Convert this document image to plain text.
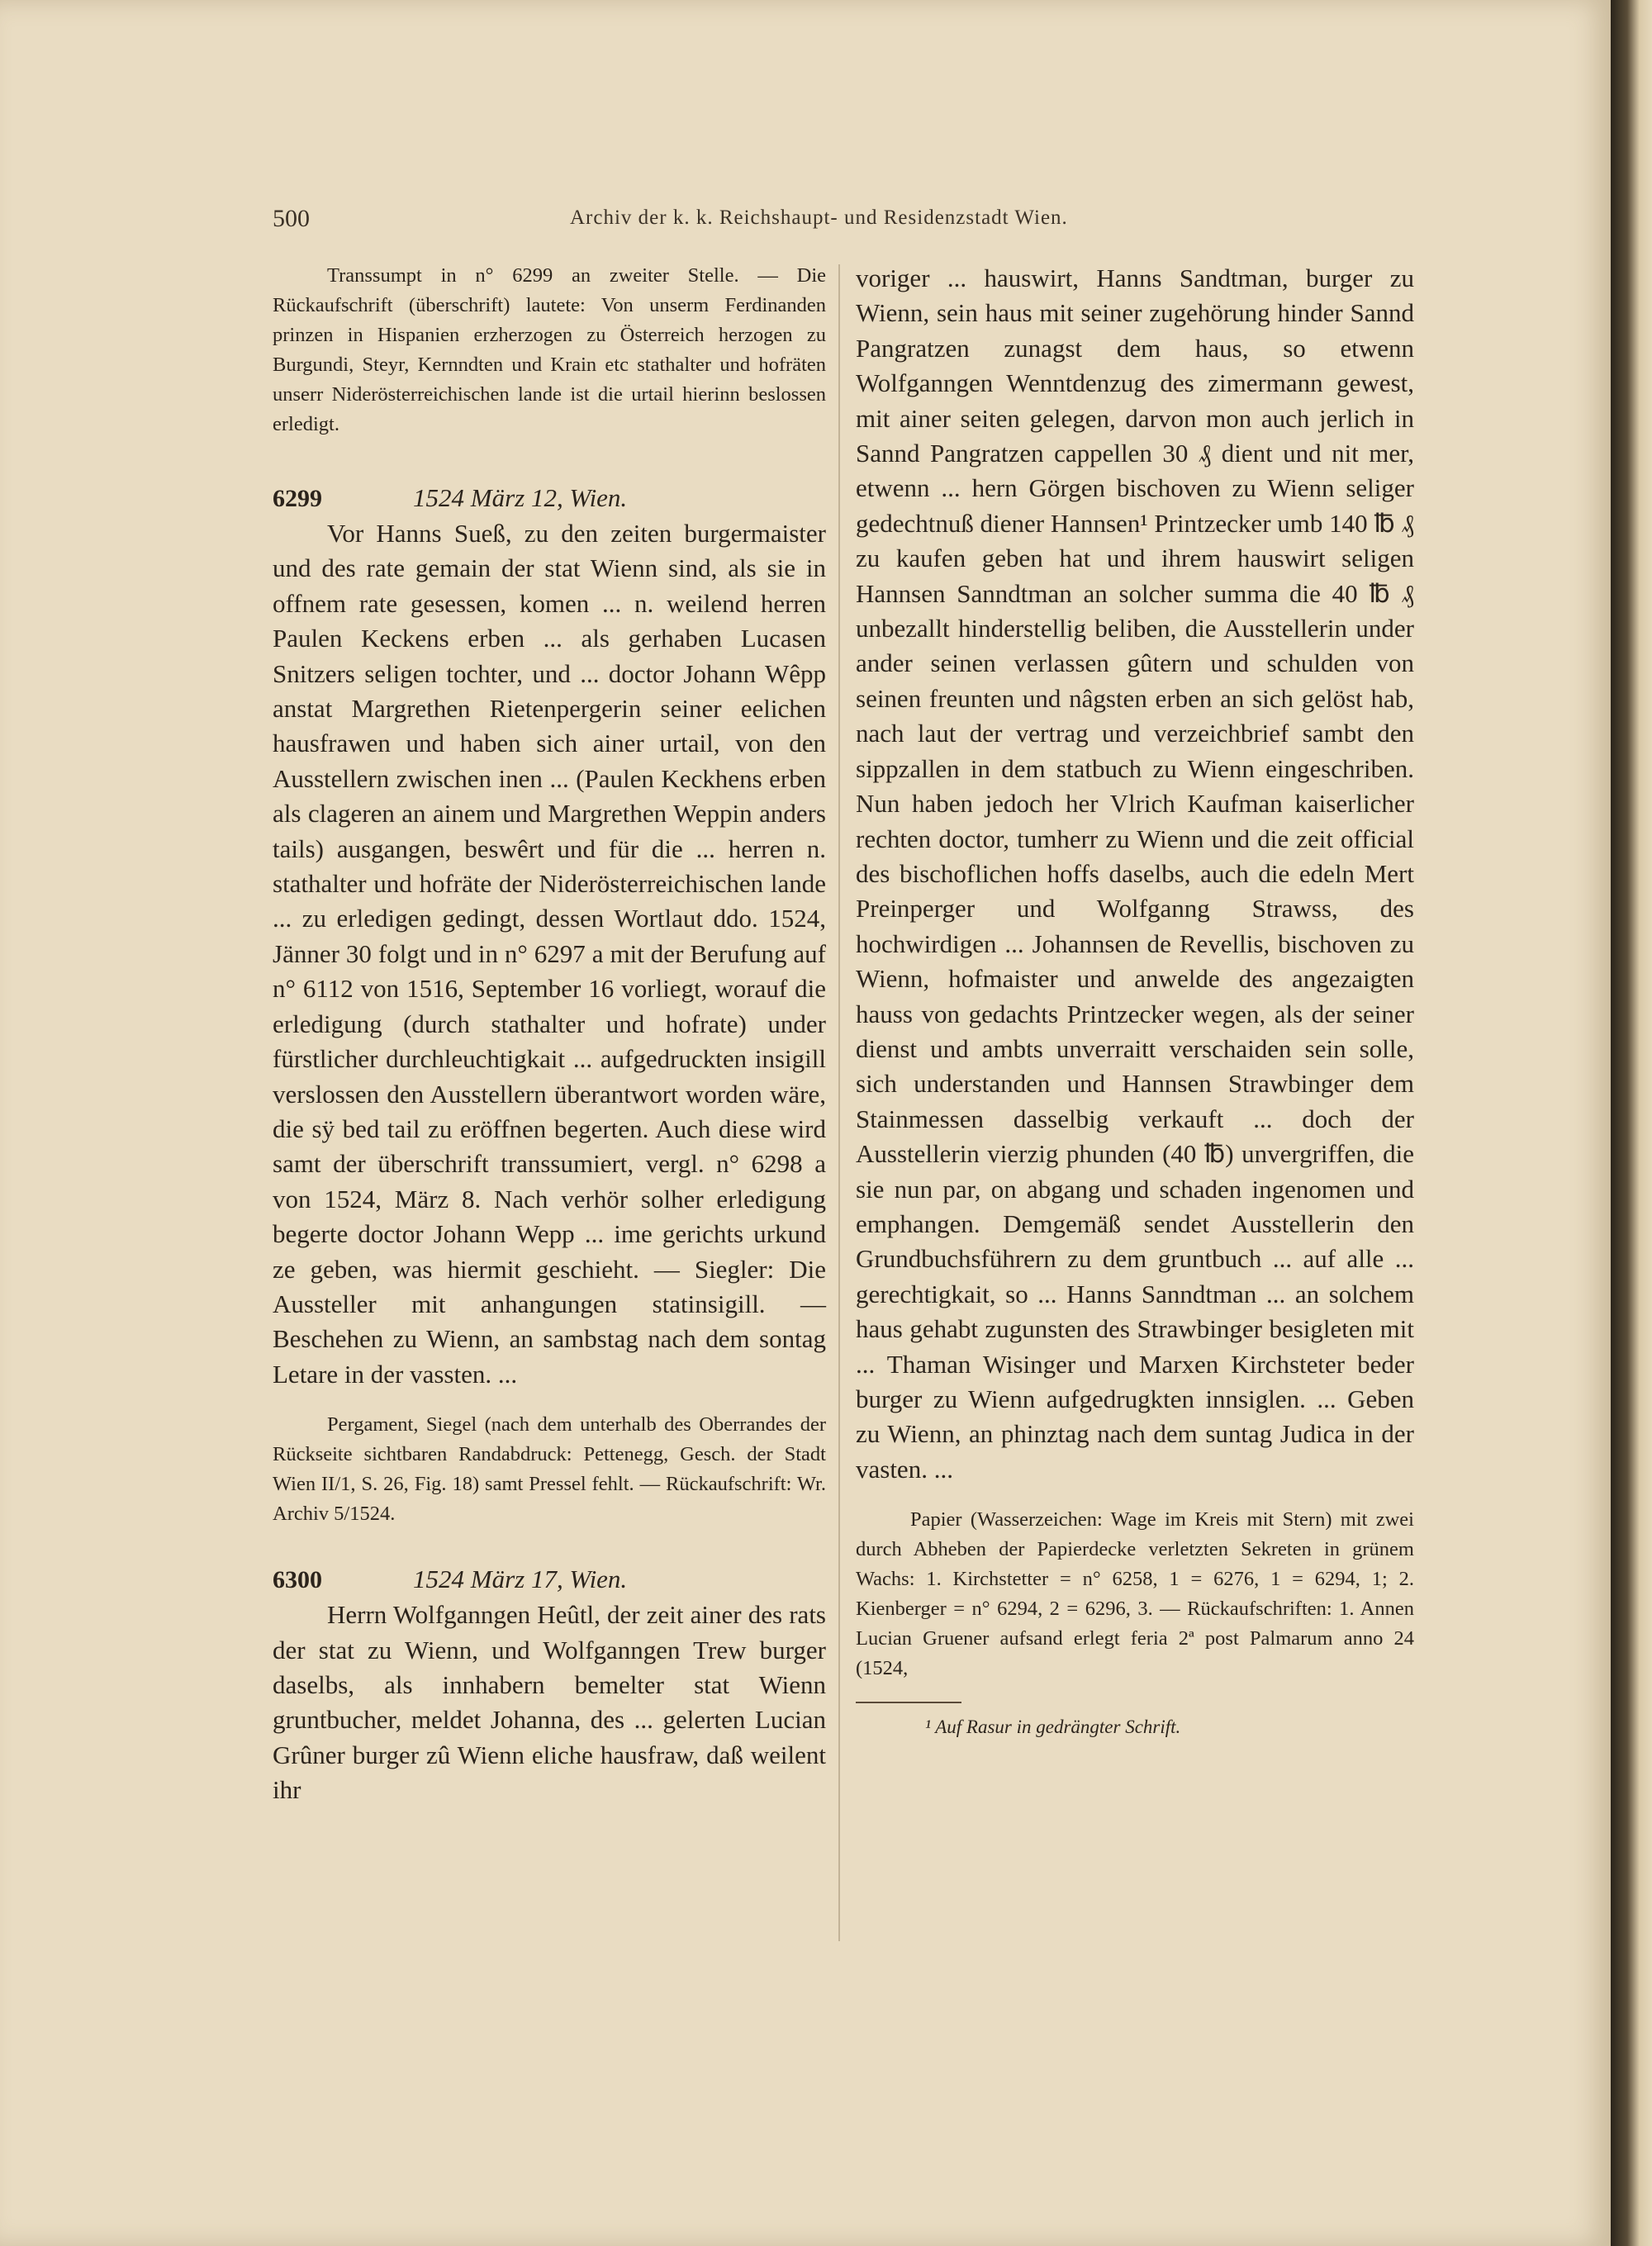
500	Archiv der k. k. Reichshaupt- und Residenzstadt Wien.

Transsumpt in n° 6299 an zweiter Stelle. — Die Rückaufschrift (überschrift) lautete: Von unserm Ferdinanden prinzen in Hispanien erzherzogen zu Österreich herzogen zu Burgundi, Steyr, Kernndten und Krain etc stathalter und hofräten unserr Niderösterreichischen lande ist die urtail hierinn beslossen erledigt.

6299	1524 März 12, Wien.

Vor Hanns Sueß, zu den zeiten burgermaister und des rate gemain der stat Wienn sind, als sie in offnem rate gesessen, komen ... n. weilend herren Paulen Keckens erben ... als gerhaben Lucasen Snitzers seligen tochter, und ... doctor Johann Wêpp anstat Margrethen Rietenpergerin seiner eelichen hausfrawen und haben sich ainer urtail, von den Ausstellern zwischen inen ... (Paulen Keckhens erben als clageren an ainem und Margrethen Weppin anders tails) ausgangen, beswêrt und für die ... herren n. stathalter und hofräte der Niderösterreichischen lande ... zu erledigen gedingt, dessen Wortlaut ddo. 1524, Jänner 30 folgt und in n° 6297 a mit der Berufung auf n° 6112 von 1516, September 16 vorliegt, worauf die erledigung (durch stathalter und hofrate) under fürstlicher durchleuchtigkait ... aufgedruckten insigill verslossen den Ausstellern überantwort worden wäre, die sÿ bed tail zu eröffnen begerten. Auch diese wird samt der überschrift transsumiert, vergl. n° 6298 a von 1524, März 8. Nach verhör solher erledigung begerte doctor Johann Wepp ... ime gerichts urkund ze geben, was hiermit geschieht. — Siegler: Die Aussteller mit anhangungen statinsigill. — Beschehen zu Wienn, an sambstag nach dem sontag Letare in der vassten. ...

Pergament, Siegel (nach dem unterhalb des Oberrandes der Rückseite sichtbaren Randabdruck: Pettenegg, Gesch. der Stadt Wien II/1, S. 26, Fig. 18) samt Pressel fehlt. — Rückaufschrift: Wr. Archiv 5/1524.

6300	1524 März 17, Wien.

Herrn Wolfganngen Heûtl, der zeit ainer des rats der stat zu Wienn, und Wolfganngen Trew burger daselbs, als innhabern bemelter stat Wienn gruntbucher, meldet Johanna, des ... gelerten Lucian Grûner burger zû Wienn eliche hausfraw, daß weilent ihr

voriger ... hauswirt, Hanns Sandtman, burger zu Wienn, sein haus mit seiner zugehörung hinder Sannd Pangratzen zunagst dem haus, so etwenn Wolfganngen Wenntdenzug des zimermann gewest, mit ainer seiten gelegen, darvon mon auch jerlich in Sannd Pangratzen cappellen 30 ₰ dient und nit mer, etwenn ... hern Görgen bischoven zu Wienn seliger gedechtnuß diener Hannsen¹ Printzecker umb 140 ℔ ₰ zu kaufen geben hat und ihrem hauswirt seligen Hannsen Sanndtman an solcher summa die 40 ℔ ₰ unbezallt hinderstellig beliben, die Ausstellerin under ander seinen verlassen gûtern und schulden von seinen freunten und nâgsten erben an sich gelöst hab, nach laut der vertrag und verzeichbrief sambt den sippzallen in dem statbuch zu Wienn eingeschriben. Nun haben jedoch her Vlrich Kaufman kaiserlicher rechten doctor, tumherr zu Wienn und die zeit official des bischoflichen hoffs daselbs, auch die edeln Mert Preinperger und Wolfganng Strawss, des hochwirdigen ... Johannsen de Revellis, bischoven zu Wienn, hofmaister und anwelde des angezaigten hauss von gedachts Printzecker wegen, als der seiner dienst und ambts unverraitt verschaiden sein solle, sich understanden und Hannsen Strawbinger dem Stainmessen dasselbig verkauft ... doch der Ausstellerin vierzig phunden (40 ℔) unvergriffen, die sie nun par, on abgang und schaden ingenomen und emphangen. Demgemäß sendet Ausstellerin den Grundbuchsführern zu dem gruntbuch ... auf alle ... gerechtigkait, so ... Hanns Sanndtman ... an solchem haus gehabt zugunsten des Strawbinger besigleten mit ... Thaman Wisinger und Marxen Kirchsteter beder burger zu Wienn aufgedrugkten innsiglen. ... Geben zu Wienn, an phinztag nach dem suntag Judica in der vasten. ...

Papier (Wasserzeichen: Wage im Kreis mit Stern) mit zwei durch Abheben der Papierdecke verletzten Sekreten in grünem Wachs: 1. Kirchstetter = n° 6258, 1 = 6276, 1 = 6294, 1; 2. Kienberger = n° 6294, 2 = 6296, 3. — Rückaufschriften: 1. Annen Lucian Gruener aufsand erlegt feria 2ª post Palmarum anno 24 (1524,

¹ Auf Rasur in gedrängter Schrift.
